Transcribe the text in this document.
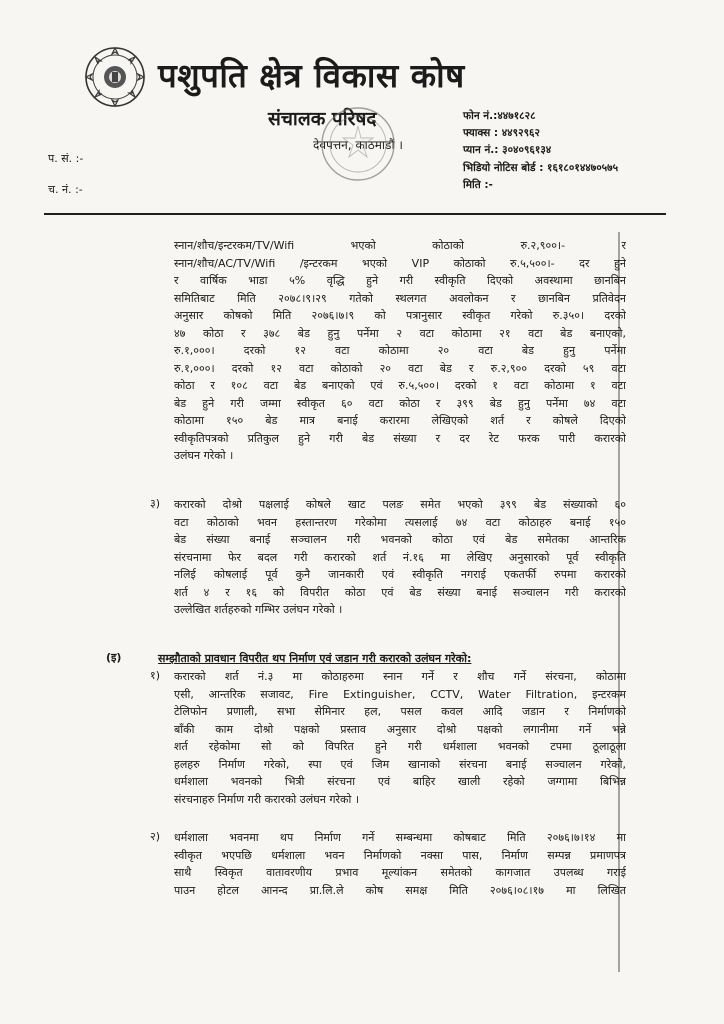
पशुपति क्षेत्र विकास कोष
संचालक परिषद
देवपत्तन, काठमाडौं ।
फोन नं.:४४७१८२८
फ्याक्स : ४४९२९६२
प्यान नं.: ३०४०९६१३४
भिडियो नोटिस बोर्ड : १६१८०१४४७०५७५
मिति :-
प. सं. :-
च. नं. :-
स्नान/शौच/इन्टरकम/TV/Wifi भएको कोठाको रु.२,९००।- र
स्नान/शौच/AC/TV/Wifi /इन्टरकम भएको VIP कोठाको रु.५,५००।- दर हुने
र वार्षिक भाडा ५% वृद्धि हुने गरी स्वीकृति दिएको अवस्थामा छानबिन
समितिबाट मिति २०७८।९।२९ गतेको स्थलगत अवलोकन र छानबिन प्रतिवेदन
अनुसार कोषको मिति २०७६।७।९ को पत्रानुसार स्वीकृत गरेको रु.३५०। दरको
४७ कोठा र ३७८ बेड हुनु पर्नेमा २ वटा कोठामा २१ वटा बेड बनाएको,
रु.१,०००। दरको १२ वटा कोठामा २० वटा बेड हुनु पर्नेमा
रु.१,०००। दरको १२ वटा कोठाको २० वटा बेड र रु.२,९०० दरको ५९ वटा
कोठा र १०८ वटा बेड बनाएको एवं रु.५,५००। दरको १ वटा कोठामा १ वटा
बेड हुने गरी जम्मा स्वीकृत ६० वटा कोठा र ३९९ बेड हुनु पर्नेमा ७४ वटा
कोठामा १५० बेड मात्र बनाई करारमा लेखिएको शर्त र कोषले दिएको
स्वीकृतिपत्रको प्रतिकुल हुने गरी बेड संख्या र दर रेट फरक पारी करारको
उलंघन गरेको ।
३) करारको दोश्रो पक्षलाई कोषले खाट पलङ समेत भएको ३९९ बेड संख्याको ६०
वटा कोठाको भवन हस्तान्तरण गरेकोमा त्यसलाई ७४ वटा कोठाहरु बनाई १५०
बेड संख्या बनाई सञ्चालन गरी भवनको कोठा एवं बेड समेतका आन्तरिक
संरचनामा फेर बदल गरी करारको शर्त नं.१६ मा लेखिए अनुसारको पूर्व स्वीकृति
नलिई कोषलाई पूर्व कुनै जानकारी एवं स्वीकृति नगराई एकतर्फी रुपमा करारको
शर्त ४ र १६ को विपरीत कोठा एवं बेड संख्या बनाई सञ्चालन गरी करारको
उल्लेखित शर्तहरुको गम्भिर उलंघन गरेको ।
(इ)	सम्झौताको प्रावधान विपरीत थप निर्माण एवं जडान गरी करारको उलंघन गरेको:
१) करारको शर्त नं.३ मा कोठाहरुमा स्नान गर्ने र शौच गर्ने संरचना, कोठामा
एसी, आन्तरिक सजावट, Fire Extinguisher, CCTV, Water Filtration, इन्टरकम
टेलिफोन प्रणाली, सभा सेमिनार हल, पसल कवल आदि जडान र निर्माणको
बाँकी काम दोश्रो पक्षको प्रस्ताव अनुसार दोश्रो पक्षको लगानीमा गर्ने भन्ने
शर्त रहेकोमा सो को विपरित हुने गरी धर्मशाला भवनको टपमा ठूलाठूला
हलहरु निर्माण गरेको, स्पा एवं जिम खानाको संरचना बनाई सञ्चालन गरेको,
धर्मशाला भवनको भित्री संरचना एवं बाहिर खाली रहेको जग्गामा बिभिन्न
संरचनाहरु निर्माण गरी करारको उलंघन गरेको ।
२) धर्मशाला भवनमा थप निर्माण गर्ने सम्बन्धमा कोषबाट मिति २०७६।७।१४ मा
स्वीकृत भएपछि धर्मशाला भवन निर्माणको नक्सा पास, निर्माण सम्पन्न प्रमाणपत्र
साथै स्विकृत वातावरणीय प्रभाव मूल्यांकन समेतको कागजात उपलब्ध गराई
पाउन होटल आनन्द प्रा.लि.ले कोष समक्ष मिति २०७६।०८।१७ मा लिखित
